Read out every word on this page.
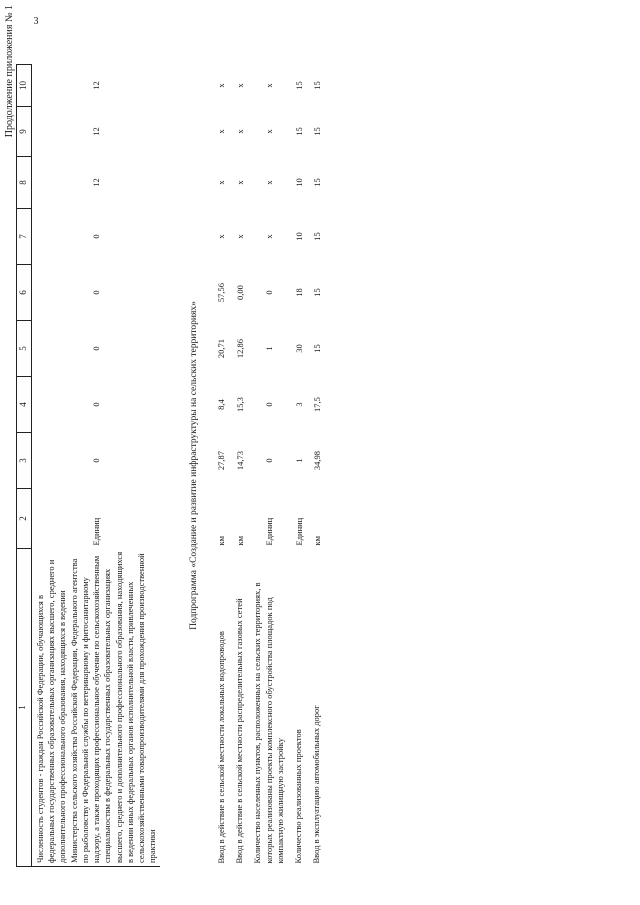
3
Продолжение приложения № 1
1	2	3	4	5	6	7	8	9	10
Численность студентов - граждан Российской Федерации, обучающихся в федеральных государственных образовательных организациях высшего, среднего и дополнительного профессионального образования, находящихся в ведении Министерства сельского хозяйства Российской Федерации, Федерального агентства по рыболовству и Федеральной службы по ветеринарному и фитосанитарному надзору, а также проходящих профессиональное обучение по сельскохозяйственным специальностям в федеральных государственных образовательных организациях высшего, среднего и дополнительного профессионального образования, находящихся в ведении иных федеральных органов исполнительной власти, привлеченных сельскохозяйственными товаропроизводителями для прохождения производственной практики	Единиц	0	0	0	0	0	12	12	12
Подпрограмма «Создание и развитие инфраструктуры на сельских территориях»									
Ввод в действие в сельской местности локальных водопроводов	км	27,87	8,4	20,71	57,56	x	x	x	x
Ввод в действие в сельской местности распределительных газовых сетей	км	14,73	15,3	12,86	0,00	x	x	x	x
Количество населенных пунктов, расположенных на сельских территориях, в которых реализованы проекты комплексного обустройства площадок под компактную жилищную застройку	Единиц	0	0	1	0	x	x	x	x
Количество реализованных проектов	Единиц	1	3	30	18	10	10	15	15
Ввод в эксплуатацию автомобильных дорог	км	34,98	17,5	15	15	15	15	15	15
